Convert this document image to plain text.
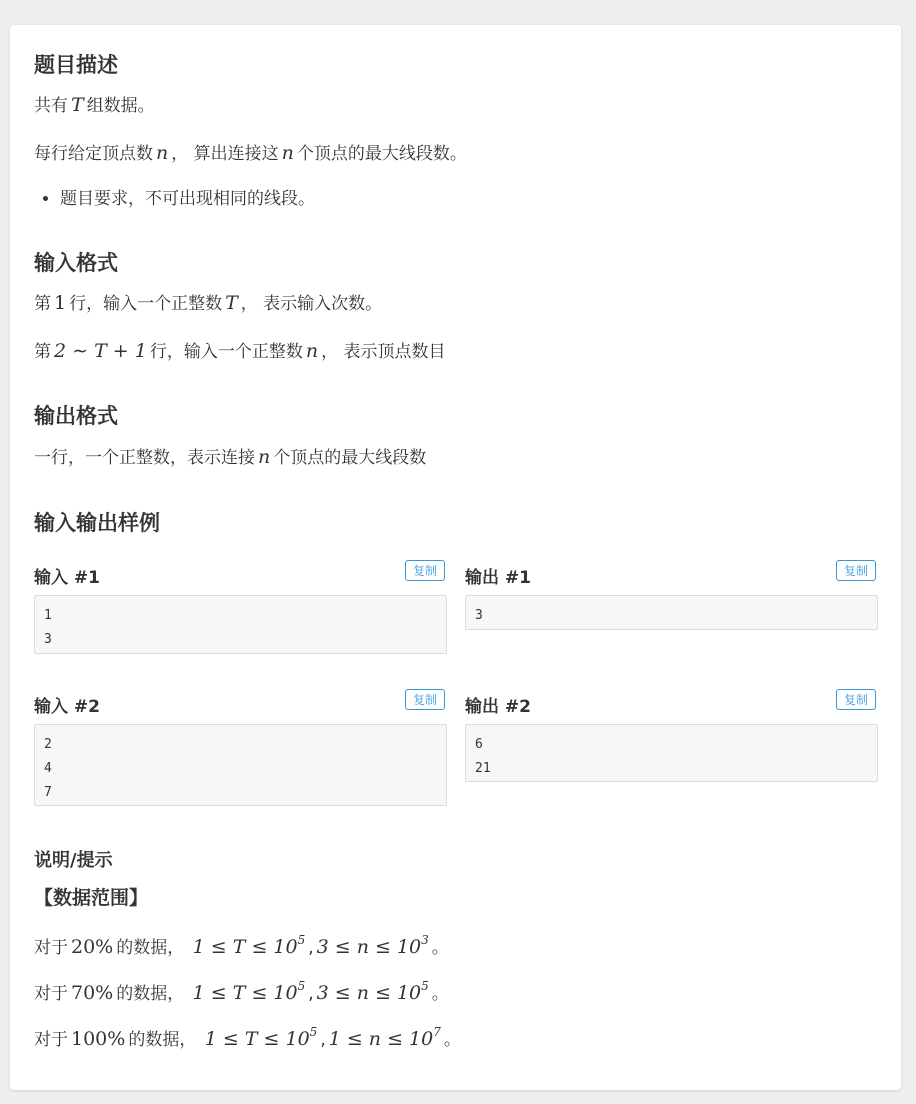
题目描述

共有 T 组数据。

每行给定顶点数 n ， 算出连接这 n 个顶点的最大线段数。

• 题目要求，不可出现相同的线段。
输入格式

第 1 行，输入一个正整数 T ， 表示输入次数。

第 2 ∼ T + 1 行，输入一个正整数 n ， 表示顶点数目

输出格式

一行，一个正整数，表示连接 n 个顶点的最大线段数

输入输出样例
输入 #1	复制
1
3
输出 #1	复制
3
输入 #2	复制
2
4
7
输出 #2	复制
6
21
说明/提示
【数据范围】

对于 20% 的数据， $1 \le T \le 10^5$ , $3 \le n \le 10^3$ 。

对于 70% 的数据， $1 \le T \le 10^5$ , $3 \le n \le 10^5$ 。

对于 100% 的数据， $1 \le T \le 10^5$ , $1 \le n \le 10^7$ 。
